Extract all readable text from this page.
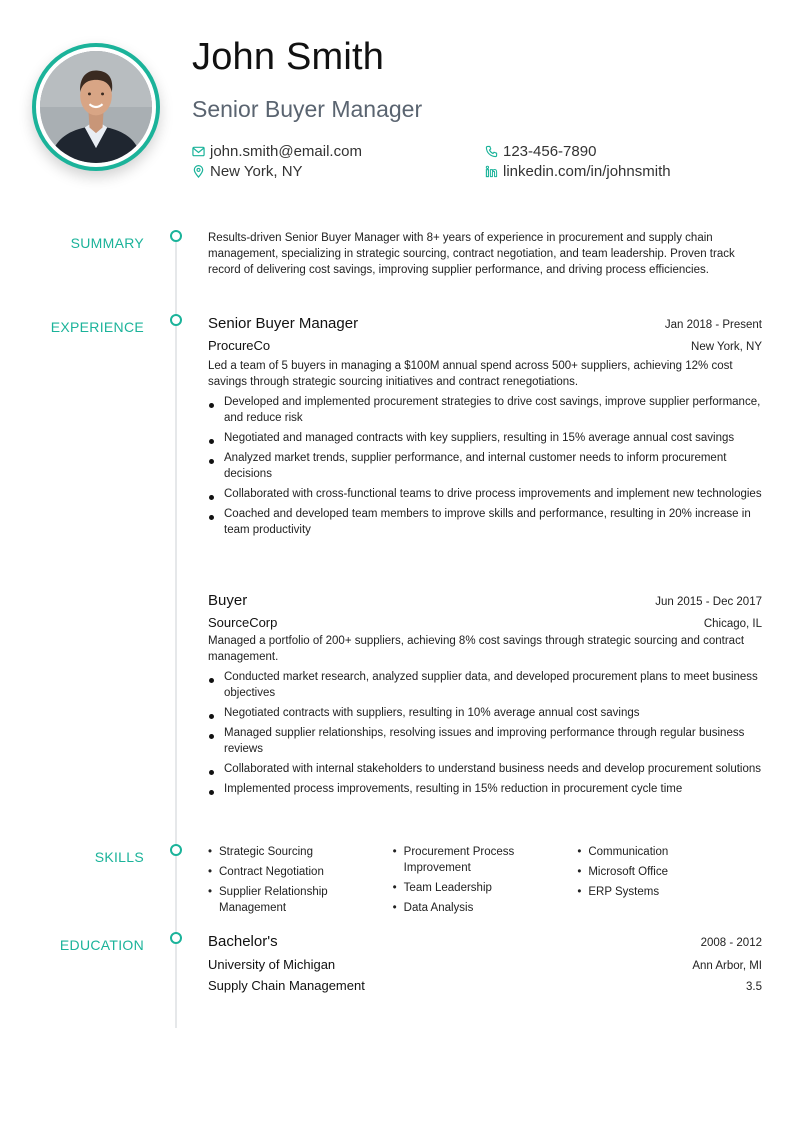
John Smith
Senior Buyer Manager
john.smith@email.com
New York, NY
123-456-7890
linkedin.com/in/johnsmith
SUMMARY	Results-driven Senior Buyer Manager with 8+ years of experience in procurement and supply chain management, specializing in strategic sourcing, contract negotiation, and team leadership. Proven track record of delivering cost savings, improving supplier performance, and driving process efficiencies.

EXPERIENCE	Senior Buyer Manager	Jan 2018 - Present
ProcureCo	New York, NY

Led a team of 5 buyers in managing a $100M annual spend across 500+ suppliers, achieving 12% cost savings through strategic sourcing initiatives and contract renegotiations.

Developed and implemented procurement strategies to drive cost savings, improve supplier performance, and reduce risk
Negotiated and managed contracts with key suppliers, resulting in 15% average annual cost savings
Analyzed market trends, supplier performance, and internal customer needs to inform procurement decisions
Collaborated with cross-functional teams to drive process improvements and implement new technologies
Coached and developed team members to improve skills and performance, resulting in 20% increase in team productivity
Buyer	Jun 2015 - Dec 2017
SourceCorp	Chicago, IL

Managed a portfolio of 200+ suppliers, achieving 8% cost savings through strategic sourcing and contract management.

Conducted market research, analyzed supplier data, and developed procurement plans to meet business objectives
Negotiated contracts with suppliers, resulting in 10% average annual cost savings
Managed supplier relationships, resolving issues and improving performance through regular business reviews
Collaborated with internal stakeholders to understand business needs and develop procurement solutions
Implemented process improvements, resulting in 15% reduction in procurement cycle time
SKILLS
•	Strategic Sourcing
• Contract Negotiation
• Supplier Relationship Management
• Procurement Process Improvement
• Team Leadership
• Data Analysis
• Communication
• Microsoft Office
• ERP Systems
EDUCATION	Bachelor's	2008 - 2012
University of Michigan	Ann Arbor, MI
Supply Chain Management	3.5
